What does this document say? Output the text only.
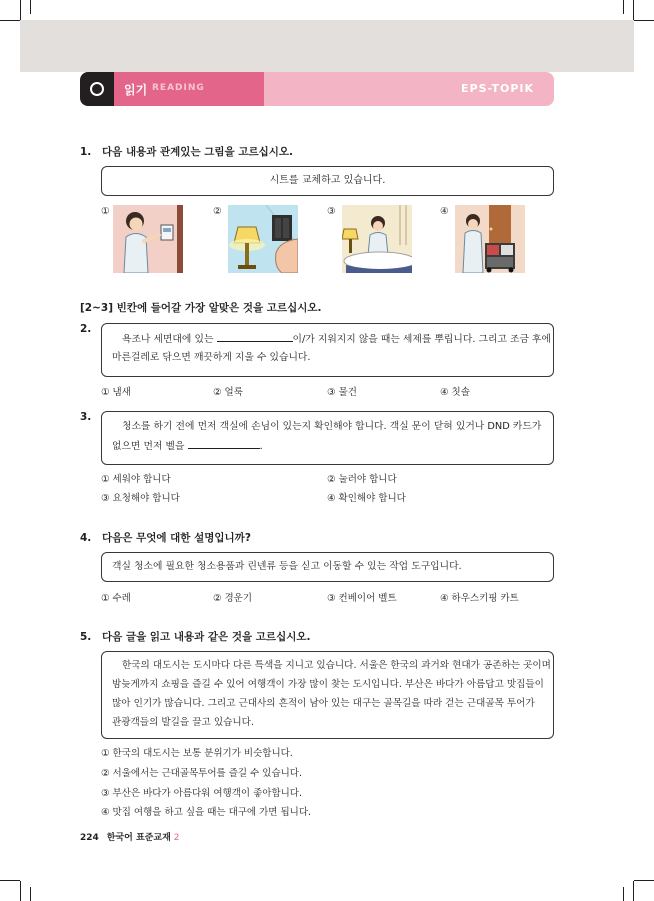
읽기 READING	EPS-TOPIK
1. 다음 내용과 관계있는 그림을 고르십시오.
시트를 교체하고 있습니다.
①	②	③	④
[2~3] 빈칸에 들어갈 가장 알맞은 것을 고르십시오.
2.
욕조나 세면대에 있는	이/가 지워지지 않을 때는 세제를 뿌립니다. 그리고 조금 후에
마른걸레로 닦으면 깨끗하게 지울 수 있습니다.
① 냄새	② 얼룩	③ 물건	④ 칫솔
3.
청소를 하기 전에 먼저 객실에 손님이 있는지 확인해야 합니다. 객실 문이 닫혀 있거나 DND 카드가
없으면 먼저 벨을	.
① 세워야 합니다	② 눌러야 합니다
③ 요청해야 합니다	④ 확인해야 합니다
4. 다음은 무엇에 대한 설명입니까?
객실 청소에 필요한 청소용품과 린넨류 등을 싣고 이동할 수 있는 작업 도구입니다.
① 수레	② 경운기	③ 컨베이어 벨트	④ 하우스키핑 카트
5. 다음 글을 읽고 내용과 같은 것을 고르십시오.
한국의 대도시는 도시마다 다른 특색을 지니고 있습니다. 서울은 한국의 과거와 현대가 공존하는 곳이며
밤늦게까지 쇼핑을 즐길 수 있어 여행객이 가장 많이 찾는 도시입니다. 부산은 바다가 아름답고 맛집들이
많아 인기가 많습니다. 그리고 근대사의 흔적이 남아 있는 대구는 골목길을 따라 걷는 근대골목 투어가
관광객들의 발길을 끌고 있습니다.
① 한국의 대도시는 보통 분위기가 비슷합니다.
② 서울에서는 근대골목투어를 즐길 수 있습니다.
③ 부산은 바다가 아름다워 여행객이 좋아합니다.
④ 맛집 여행을 하고 싶을 때는 대구에 가면 됩니다.
224 한국어 표준교재 2
